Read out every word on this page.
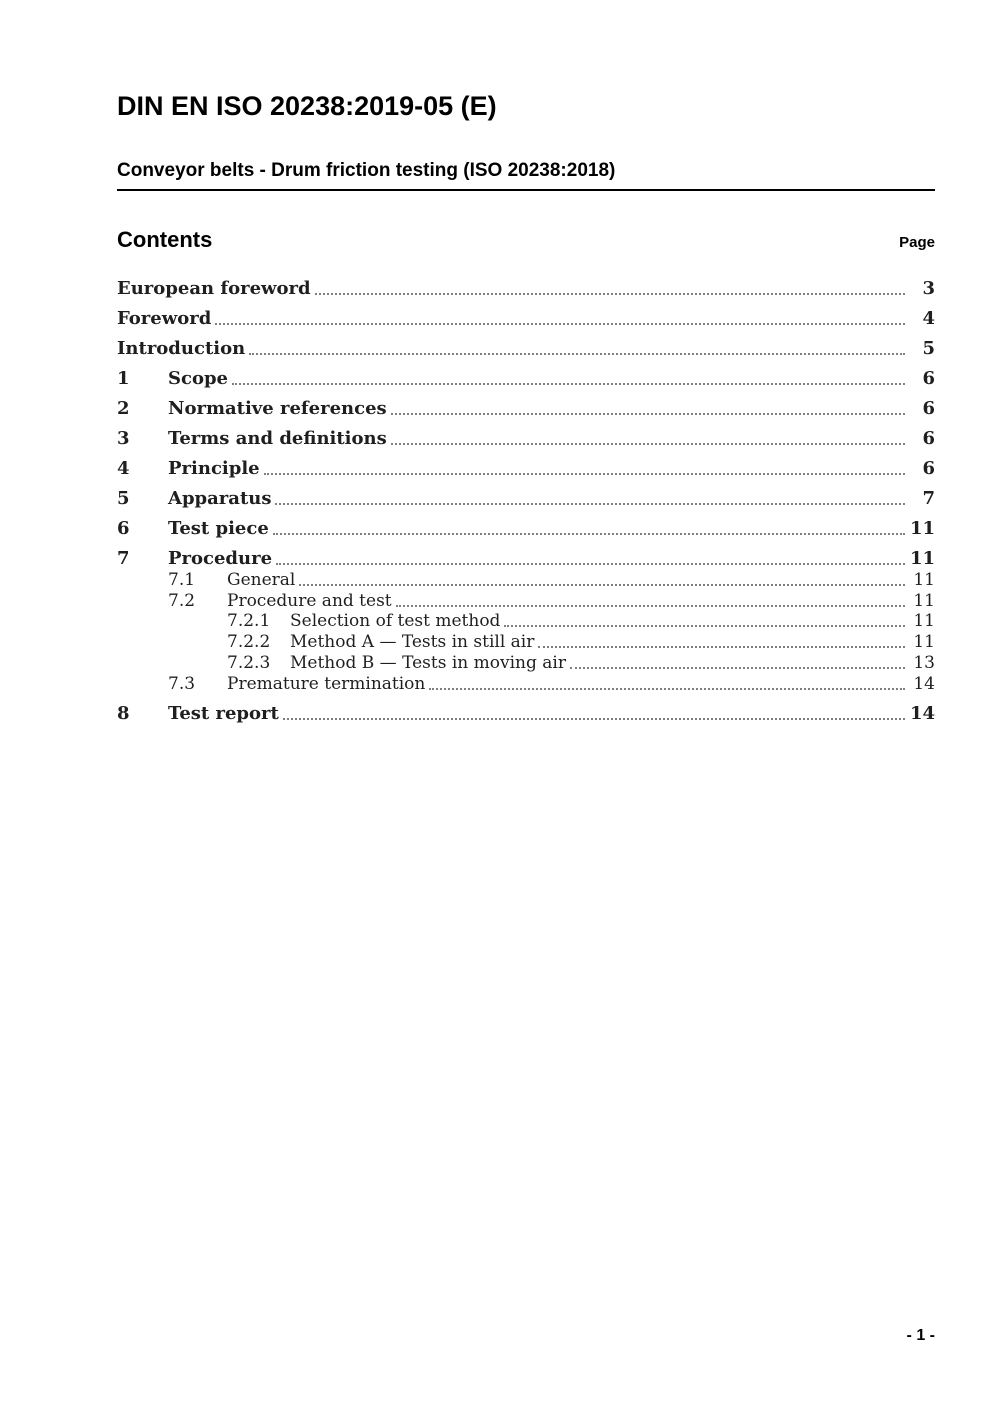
DIN EN ISO 20238:2019-05 (E)
Conveyor belts - Drum friction testing (ISO 20238:2018)
Contents	Page
European foreword	3
Foreword	4
Introduction	5
1	Scope	6
2	Normative references	6
3	Terms and definitions	6
4	Principle	6
5	Apparatus	7
6	Test piece	11
7	Procedure	11
7.1	General	11
7.2	Procedure and test	11
7.2.1	Selection of test method	11
7.2.2	Method A — Tests in still air	11
7.2.3	Method B — Tests in moving air	13
7.3	Premature termination	14
8	Test report	14
- 1 -
